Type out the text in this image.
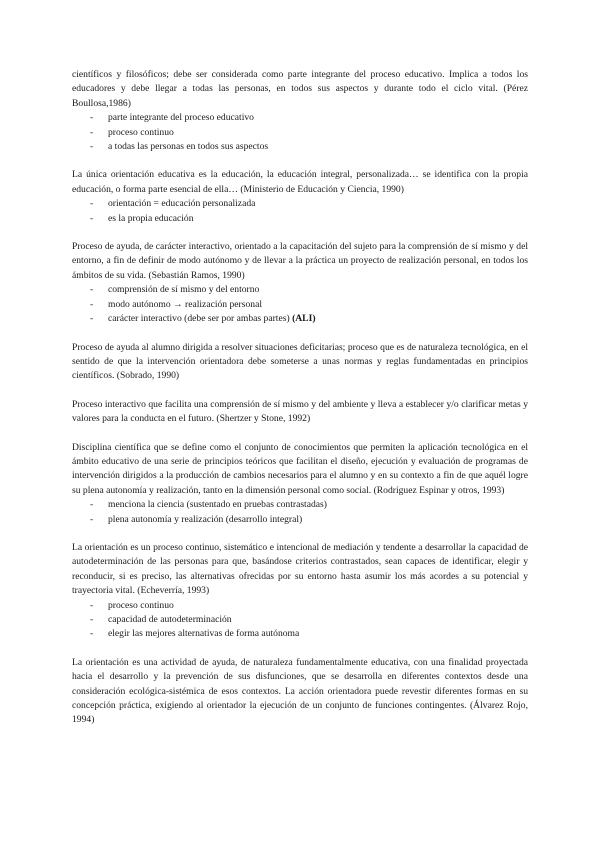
científicos y filosóficos; debe ser considerada como parte integrante del proceso educativo. Implica a todos los educadores y debe llegar a todas las personas, en todos sus aspectos y durante todo el ciclo vital. (Pérez Boullosa,1986)

- parte integrante del proceso educativo
- proceso continuo
- a todas las personas en todos sus aspectos

La única orientación educativa es la educación, la educación integral, personalizada… se identifica con la propia educación, o forma parte esencial de ella… (Ministerio de Educación y Ciencia, 1990)

- orientación = educación personalizada
- es la propia educación

Proceso de ayuda, de carácter interactivo, orientado a la capacitación del sujeto para la comprensión de sí mismo y del entorno, a fin de definir de modo autónomo y de llevar a la práctica un proyecto de realización personal, en todos los ámbitos de su vida. (Sebastián Ramos, 1990)

- comprensión de sí mismo y del entorno
- modo autónomo → realización personal
- carácter interactivo (debe ser por ambas partes) (ALI)

Proceso de ayuda al alumno dirigida a resolver situaciones deficitarias; proceso que es de naturaleza tecnológica, en el sentido de que la intervención orientadora debe someterse a unas normas y reglas fundamentadas en principios científicos. (Sobrado, 1990)

Proceso interactivo que facilita una comprensión de sí mismo y del ambiente y lleva a establecer y/o clarificar metas y valores para la conducta en el futuro. (Shertzer y Stone, 1992)

Disciplina científica que se define como el conjunto de conocimientos que permiten la aplicación tecnológica en el ámbito educativo de una serie de principios teóricos que facilitan el diseño, ejecución y evaluación de programas de intervención dirigidos a la producción de cambios necesarios para el alumno y en su contexto a fin de que aquél logre su plena autonomía y realización, tanto en la dimensión personal como social. (Rodríguez Espinar y otros, 1993)

- menciona la ciencia (sustentado en pruebas contrastadas)
- plena autonomía y realización (desarrollo integral)

La orientación es un proceso continuo, sistemático e intencional de mediación y tendente a desarrollar la capacidad de autodeterminación de las personas para que, basándose criterios contrastados, sean capaces de identificar, elegir y reconducir, si es preciso, las alternativas ofrecidas por su entorno hasta asumir los más acordes a su potencial y trayectoria vital. (Echeverría, 1993)

- proceso continuo
- capacidad de autodeterminación
- elegir las mejores alternativas de forma autónoma

La orientación es una actividad de ayuda, de naturaleza fundamentalmente educativa, con una finalidad proyectada hacia el desarrollo y la prevención de sus disfunciones, que se desarrolla en diferentes contextos desde una consideración ecológica-sistémica de esos contextos. La acción orientadora puede revestir diferentes formas en su concepción práctica, exigiendo al orientador la ejecución de un conjunto de funciones contingentes. (Álvarez Rojo, 1994)
